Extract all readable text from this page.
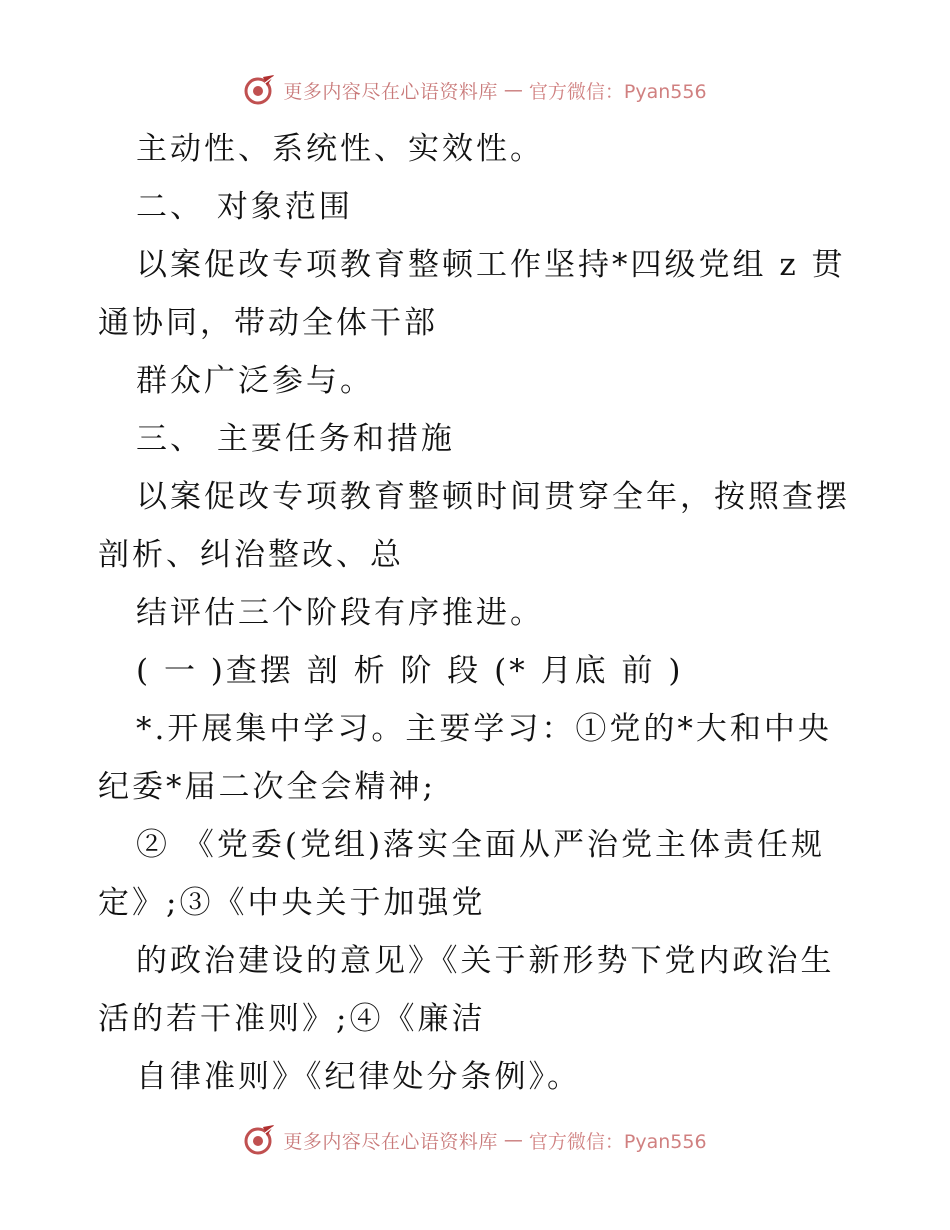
更多内容尽在心语资料库 — 官方微信：Pyan556
主动性、系统性、实效性。
二、 对象范围
以案促改专项教育整顿工作坚持*四级党组 z 贯
通协同，带动全体干部
群众广泛参与。
三、 主要任务和措施
以案促改专项教育整顿时间贯穿全年，按照查摆
剖析、纠治整改、总
结评估三个阶段有序推进。
( 一 )查摆 剖 析 阶 段 (* 月底 前 )
*.开展集中学习。主要学习：①党的*大和中央
纪委*届二次全会精神;
② 《党委(党组)落实全面从严治党主体责任规
定》;③《中央关于加强党
的政治建设的意见》《关于新形势下党内政治生
活的若干准则》;④《廉洁
自律准则》《纪律处分条例》。
更多内容尽在心语资料库 — 官方微信：Pyan556
